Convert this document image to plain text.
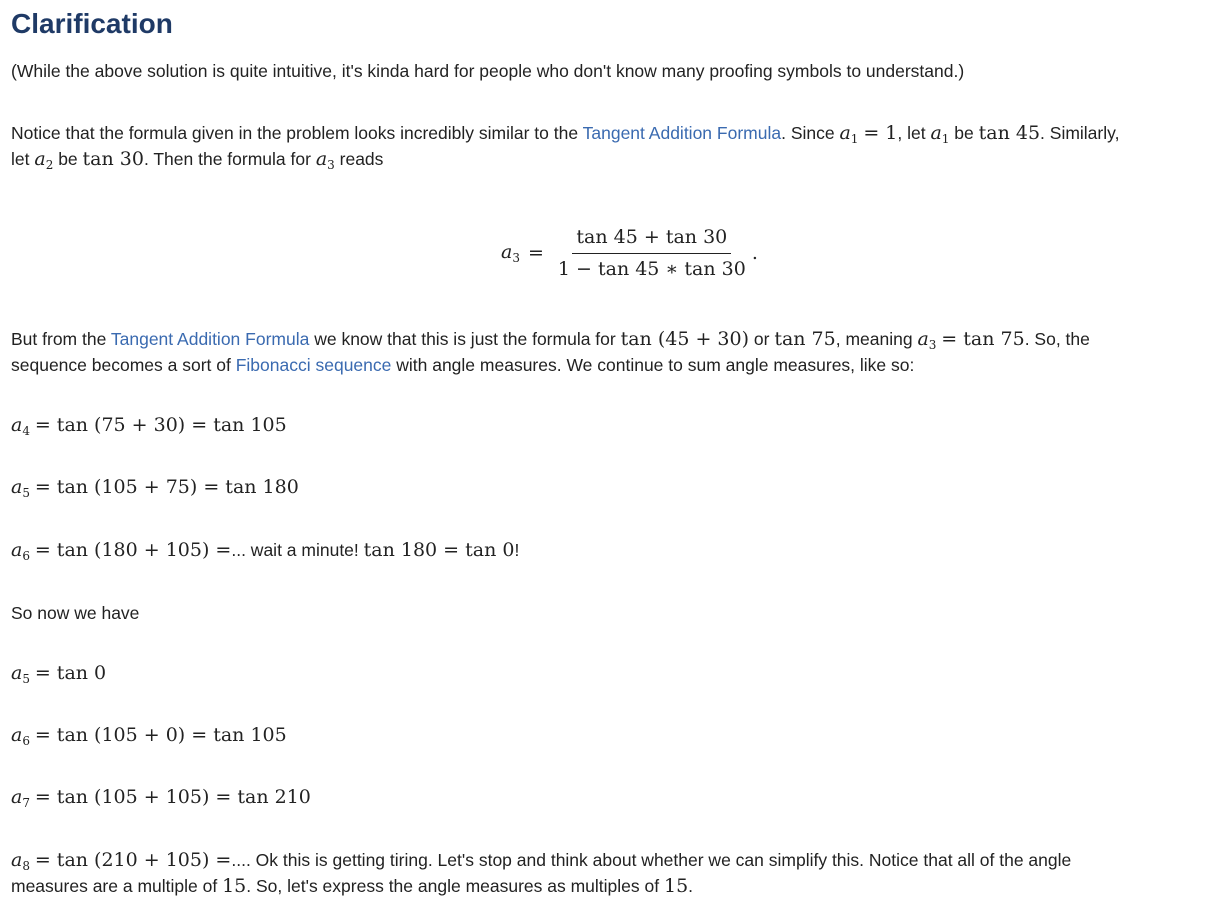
Clarification
(While the above solution is quite intuitive, it's kinda hard for people who don't know many proofing symbols to understand.)
Notice that the formula given in the problem looks incredibly similar to the Tangent Addition Formula. Since $a_1 = 1$, let $a_1$ be tan 45. Similarly,
let $a_2$ be tan 30. Then the formula for $a_3$ reads
$a_3 = \frac{\tan 45 + \tan 30}{1 - \tan 45 ∗ \tan 30}$ .
But from the Tangent Addition Formula we know that this is just the formula for tan (45 + 30) or tan 75, meaning $a_3 = \tan 75$. So, the
sequence becomes a sort of Fibonacci sequence with angle measures. We continue to sum angle measures, like so:
$a_4 = \tan (75 + 30) = \tan 105$
$a_5 = \tan (105 + 75) = \tan 180$
$a_6 = \tan (180 + 105)$ =... wait a minute! tan 180 = tan 0!
So now we have
$a_5 = \tan 0$
$a_6 = \tan (105 + 0) = \tan 105$
$a_7 = \tan (105 + 105) = \tan 210$
$a_8 = \tan (210 + 105)$ =.... Ok this is getting tiring. Let's stop and think about whether we can simplify this. Notice that all of the angle
measures are a multiple of 15. So, let's express the angle measures as multiples of 15.
